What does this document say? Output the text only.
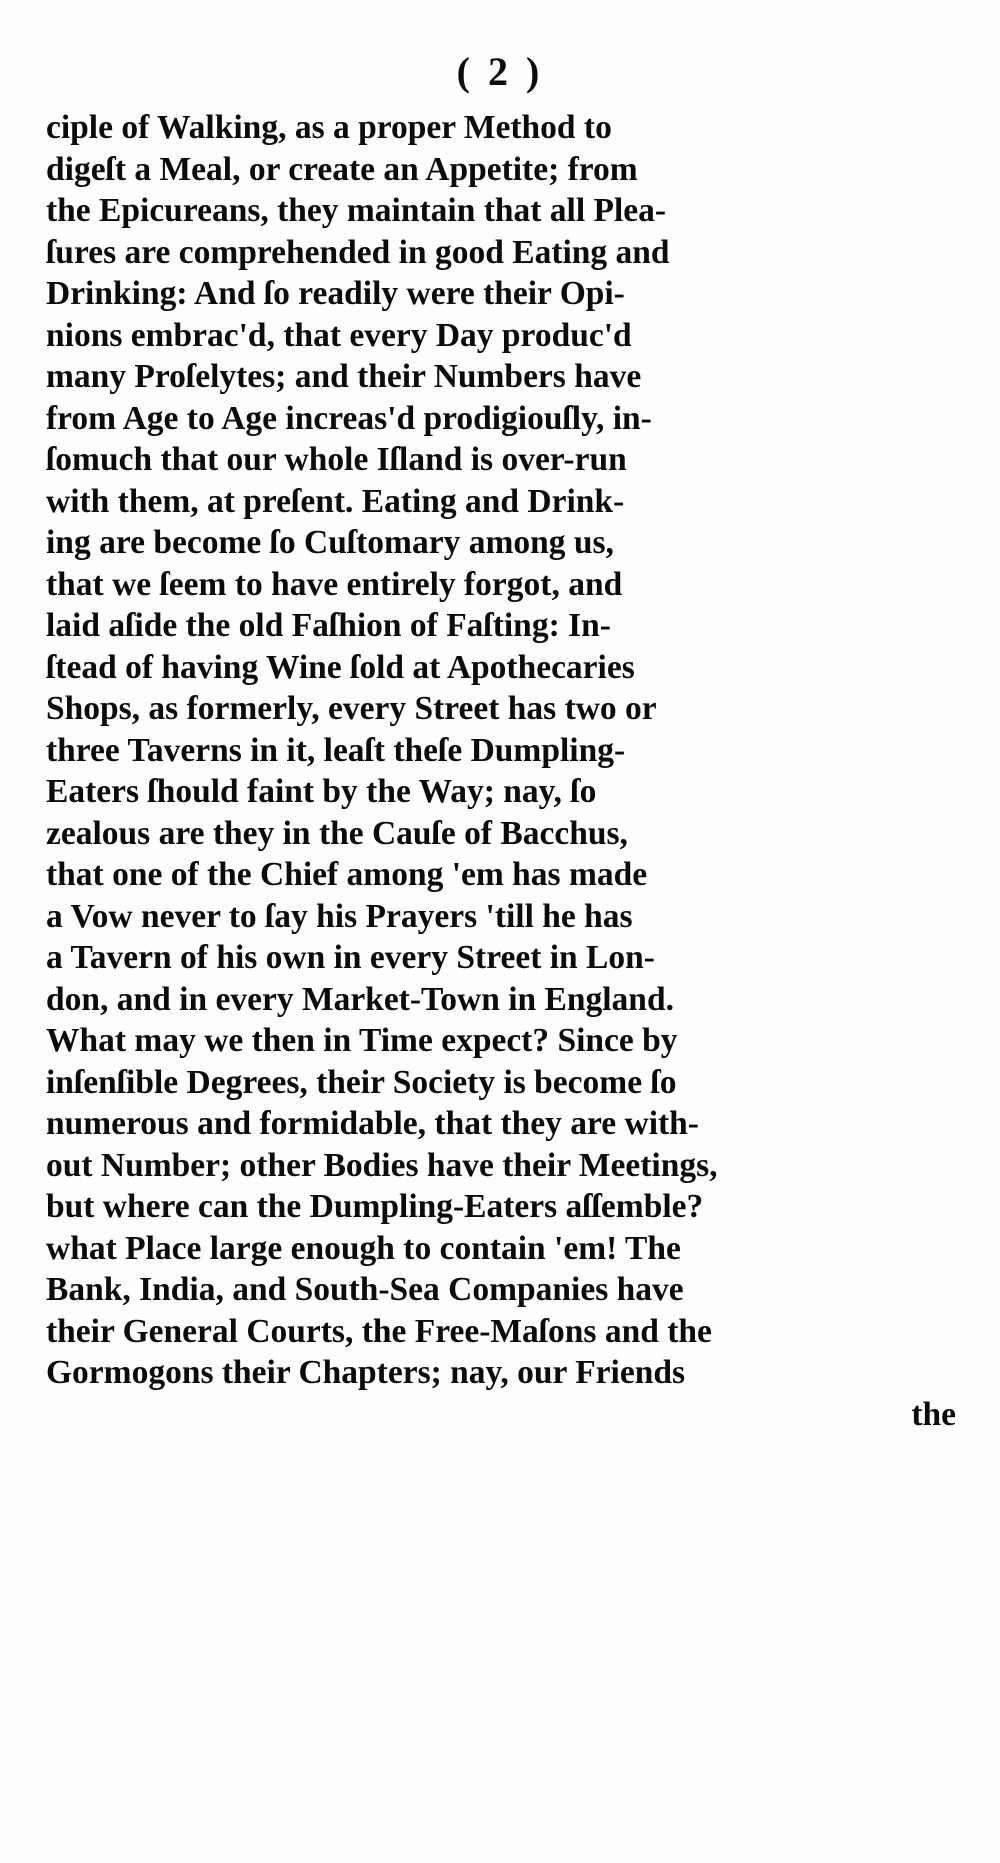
( 2 )
ciple of Walking, as a proper Method to
digeſt a Meal, or create an Appetite; from
the Epicureans, they maintain that all Plea-
ſures are comprehended in good Eating and
Drinking: And ſo readily were their Opi-
nions embrac'd, that every Day produc'd
many Proſelytes; and their Numbers have
from Age to Age increas'd prodigiouſly, in-
ſomuch that our whole Iſland is over-run
with them, at preſent. Eating and Drink-
ing are become ſo Cuſtomary among us,
that we ſeem to have entirely forgot, and
laid aſide the old Faſhion of Faſting: In-
ſtead of having Wine ſold at Apothecaries
Shops, as formerly, every Street has two or
three Taverns in it, leaſt theſe Dumpling-
Eaters ſhould faint by the Way; nay, ſo
zealous are they in the Cauſe of Bacchus,
that one of the Chief among 'em has made
a Vow never to ſay his Prayers 'till he has
a Tavern of his own in every Street in Lon-
don, and in every Market-Town in England.
What may we then in Time expect? Since by
inſenſible Degrees, their Society is become ſo
numerous and formidable, that they are with-
out Number; other Bodies have their Meetings,
but where can the Dumpling-Eaters aſſemble?
what Place large enough to contain 'em! The
Bank, India, and South-Sea Companies have
their General Courts, the Free-Maſons and the
Gormogons their Chapters; nay, our Friends
the
